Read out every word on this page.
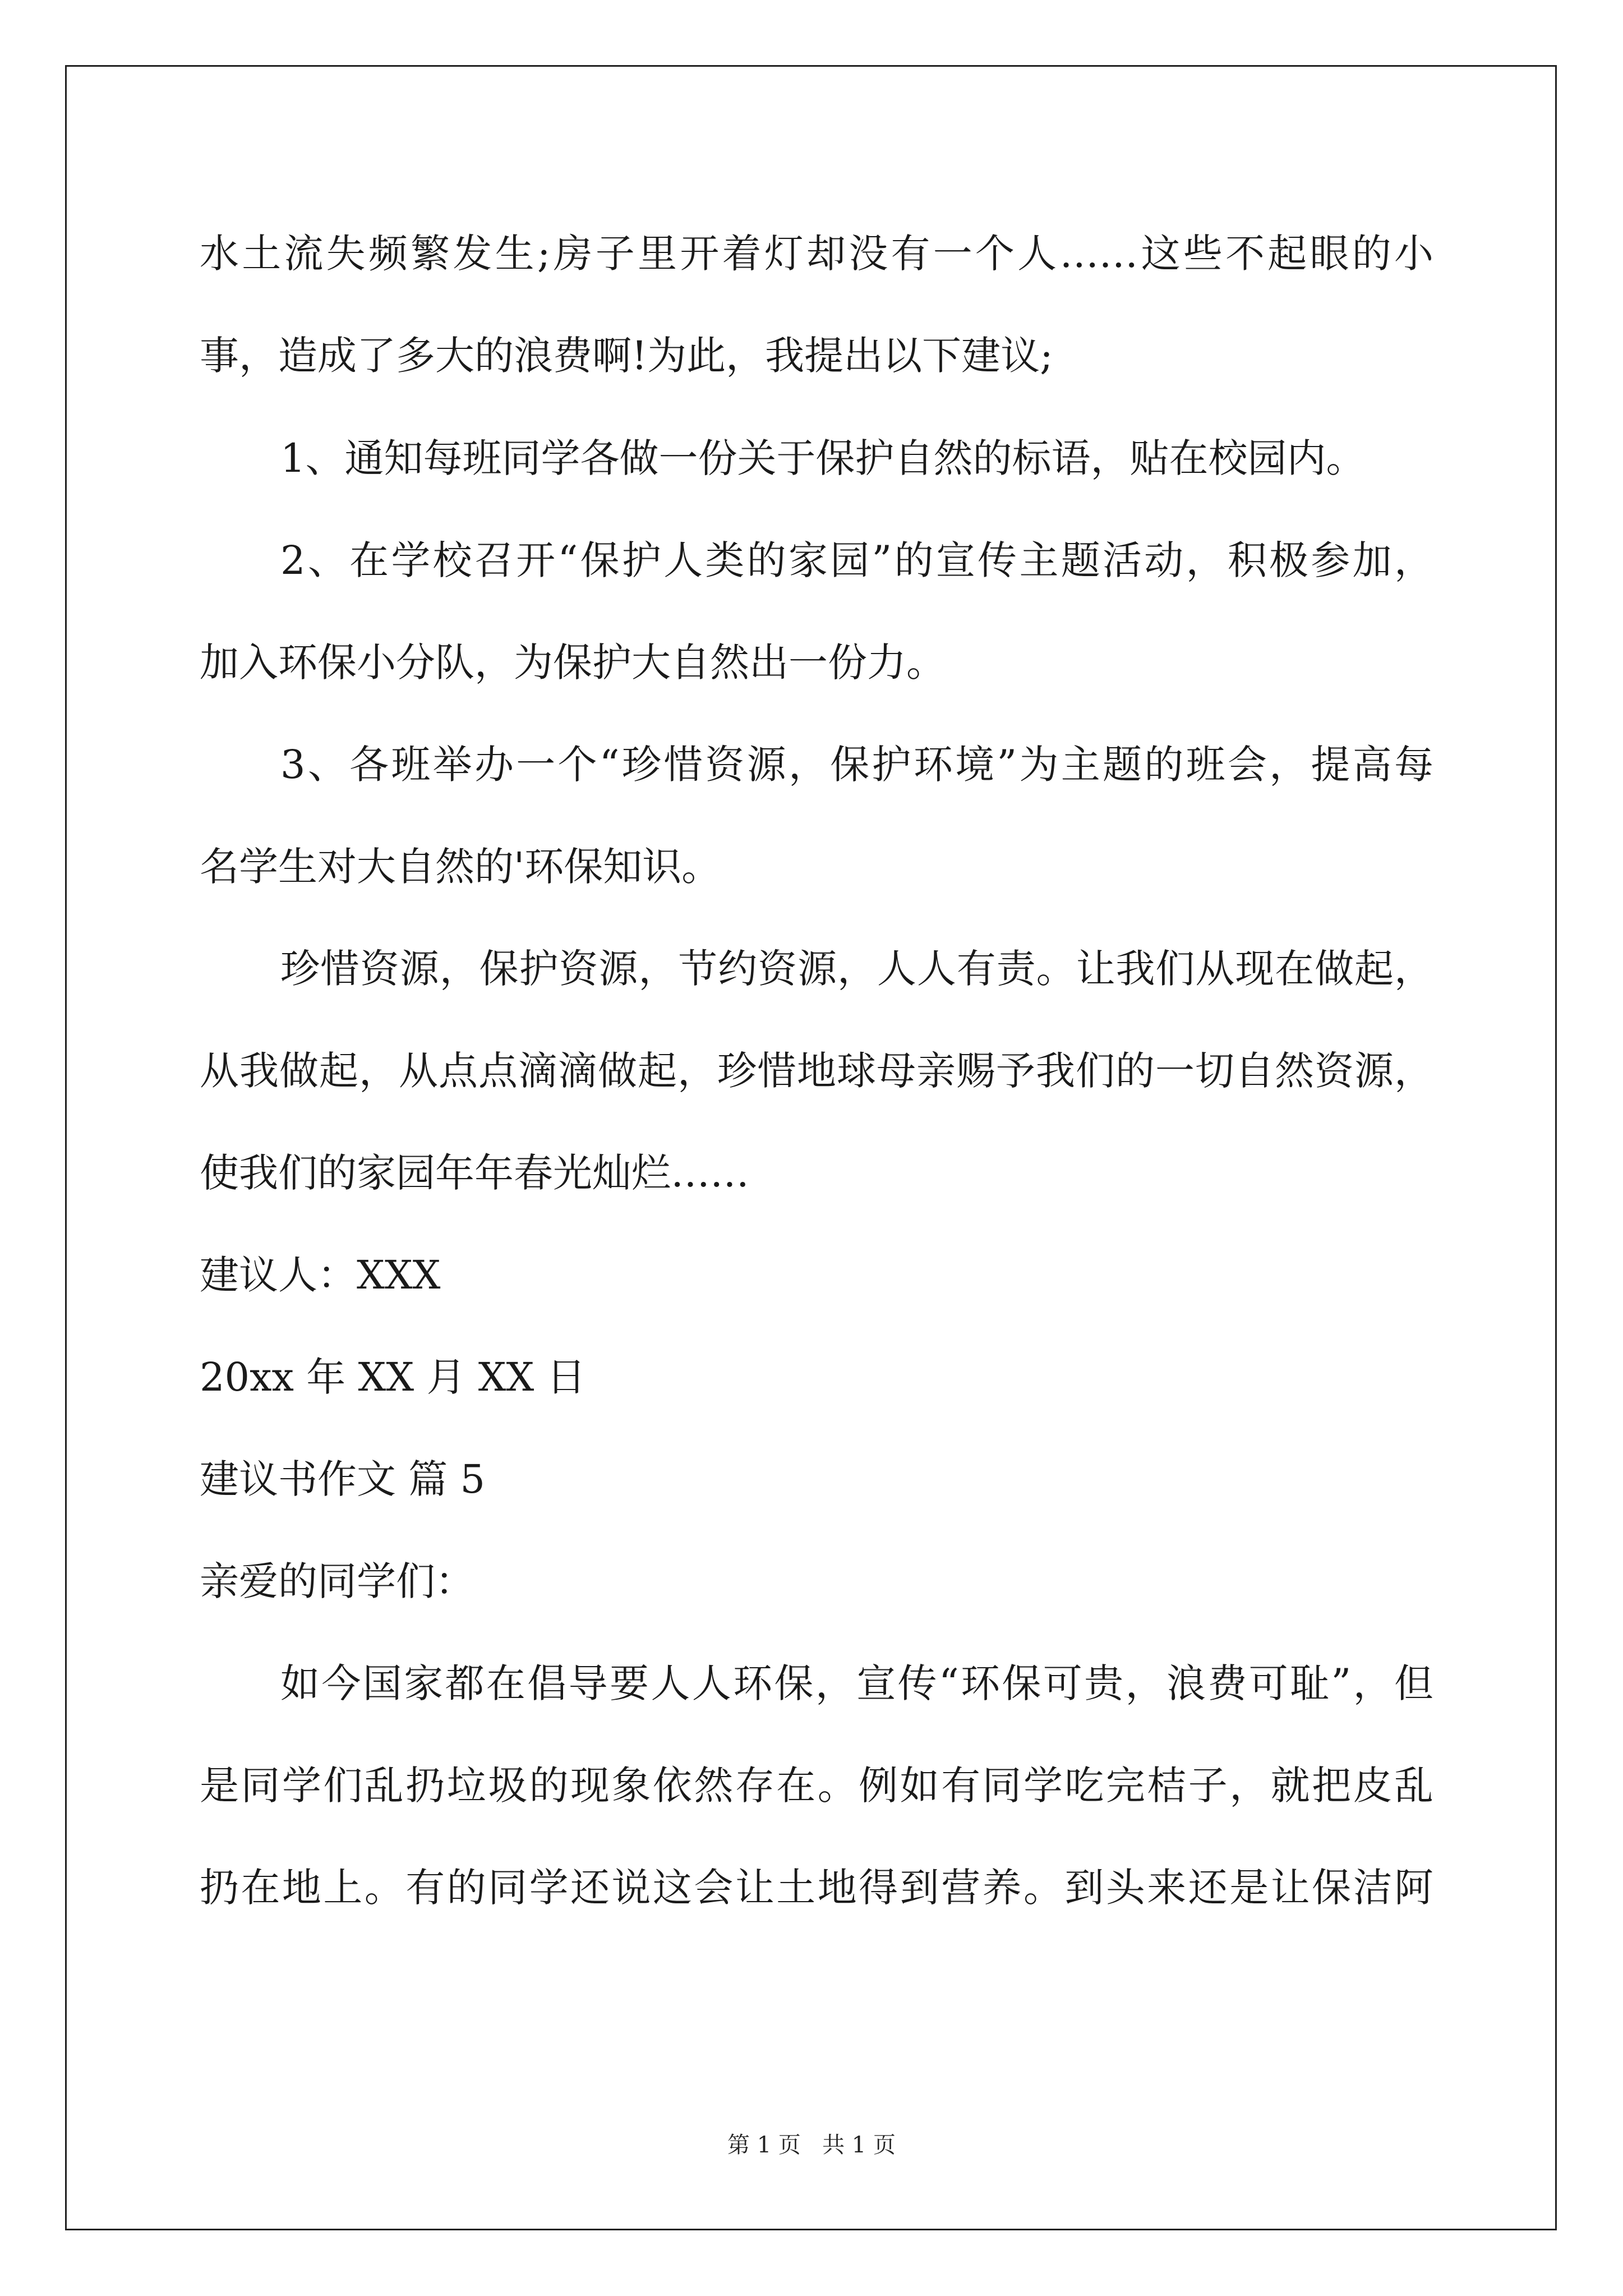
水土流失频繁发生;房子里开着灯却没有一个人……这些不起眼的小
事，造成了多大的浪费啊!为此，我提出以下建议;
1、通知每班同学各做一份关于保护自然的标语，贴在校园内。
2、在学校召开“保护人类的家园”的宣传主题活动，积极参加，
加入环保小分队，为保护大自然出一份力。
3、各班举办一个“珍惜资源，保护环境”为主题的班会，提高每
名学生对大自然的'环保知识。
珍惜资源，保护资源，节约资源，人人有责。让我们从现在做起，
从我做起，从点点滴滴做起，珍惜地球母亲赐予我们的一切自然资源，
使我们的家园年年春光灿烂……
建议人：XXX
20xx 年 XX 月 XX 日
建议书作文 篇 5
亲爱的同学们：
如今国家都在倡导要人人环保，宣传“环保可贵，浪费可耻”，但
是同学们乱扔垃圾的现象依然存在。例如有同学吃完桔子，就把皮乱
扔在地上。有的同学还说这会让土地得到营养。到头来还是让保洁阿
第 1 页 共 1 页
